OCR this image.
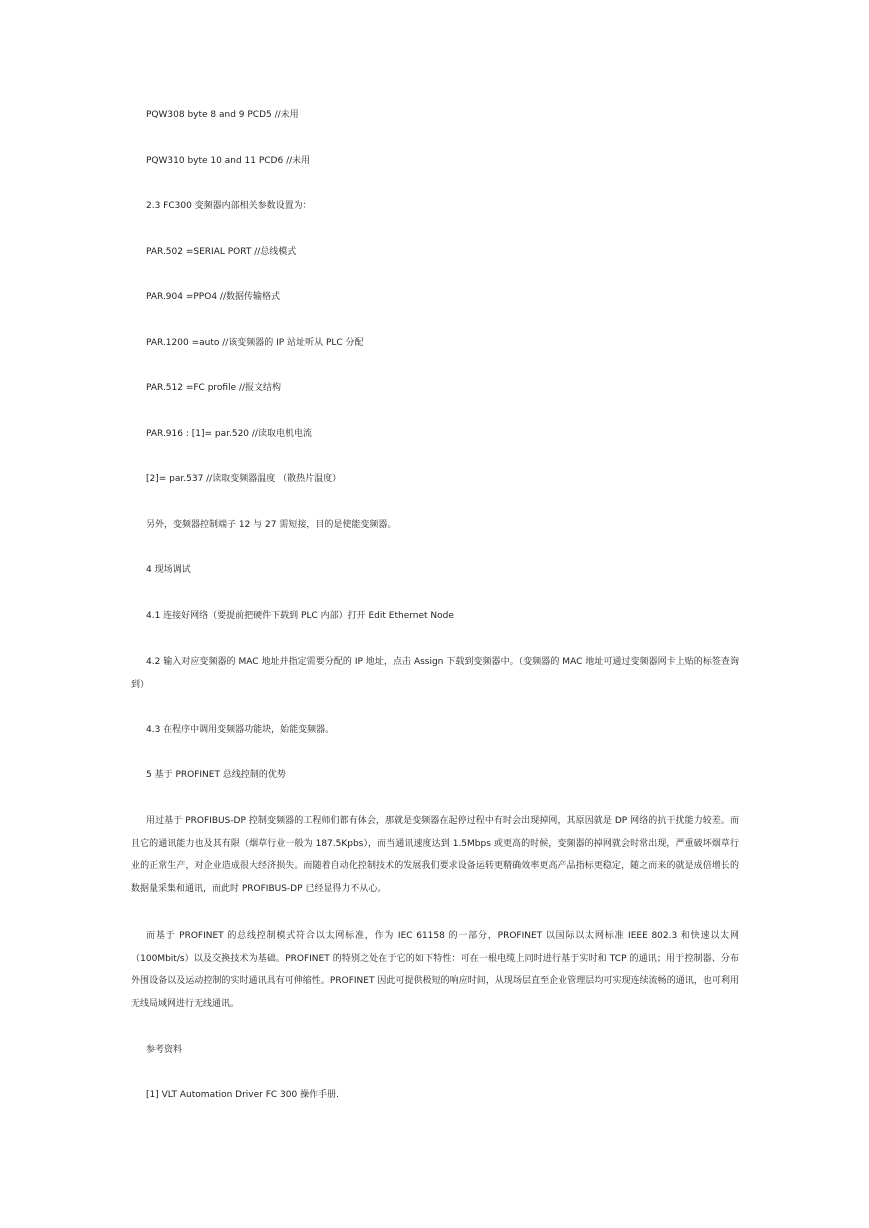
PQW308 byte 8 and 9 PCD5 //未用
PQW310 byte 10 and 11 PCD6 //未用
2.3 FC300 变频器内部相关参数设置为：
PAR.502 =SERIAL PORT //总线模式
PAR.904 =PPO4 //数据传输格式
PAR.1200 =auto //该变频器的 IP 站址听从 PLC 分配
PAR.512 =FC profile //报文结构
PAR.916 : [1]= par.520 //读取电机电流
[2]= par.537 //读取变频器温度 （散热片温度）
另外，变频器控制端子 12 与 27 需短接，目的是使能变频器。
4 现场调试
4.1 连接好网络（要提前把硬件下载到 PLC 内部）打开 Edit Ethernet Node
4.2 输入对应变频器的 MAC 地址并指定需要分配的 IP 地址，点击 Assign 下载到变频器中。（变频器的 MAC 地址可通过变频器网卡上贴的标签查询到）
4.3 在程序中调用变频器功能块，始能变频器。
5 基于 PROFINET 总线控制的优势
用过基于 PROFIBUS-DP 控制变频器的工程师们都有体会，那就是变频器在起停过程中有时会出现掉网，其原因就是 DP 网络的抗干扰能力较差。而且它的通讯能力也及其有限（烟草行业一般为 187.5Kpbs），而当通讯速度达到 1.5Mbps 或更高的时候，变频器的掉网就会时常出现，严重破坏烟草行业的正常生产，对企业造成很大经济损失。而随着自动化控制技术的发展我们要求设备运转更精确效率更高产品指标更稳定，随之而来的就是成倍增长的数据量采集和通讯，而此时 PROFIBUS-DP 已经显得力不从心。
而基于 PROFINET 的总线控制模式符合以太网标准，作为 IEC 61158 的一部分，PROFINET 以国际以太网标准 IEEE 802.3 和快速以太网（100Mbit/s）以及交换技术为基础。PROFINET 的特别之处在于它的如下特性：可在一根电缆上同时进行基于实时和 TCP 的通讯；用于控制器、分布外围设备以及运动控制的实时通讯具有可伸缩性。PROFINET 因此可提供极短的响应时间，从现场层直至企业管理层均可实现连续流畅的通讯，也可利用无线局域网进行无线通讯。
参考资料
[1] VLT Automation Driver FC 300 操作手册.
